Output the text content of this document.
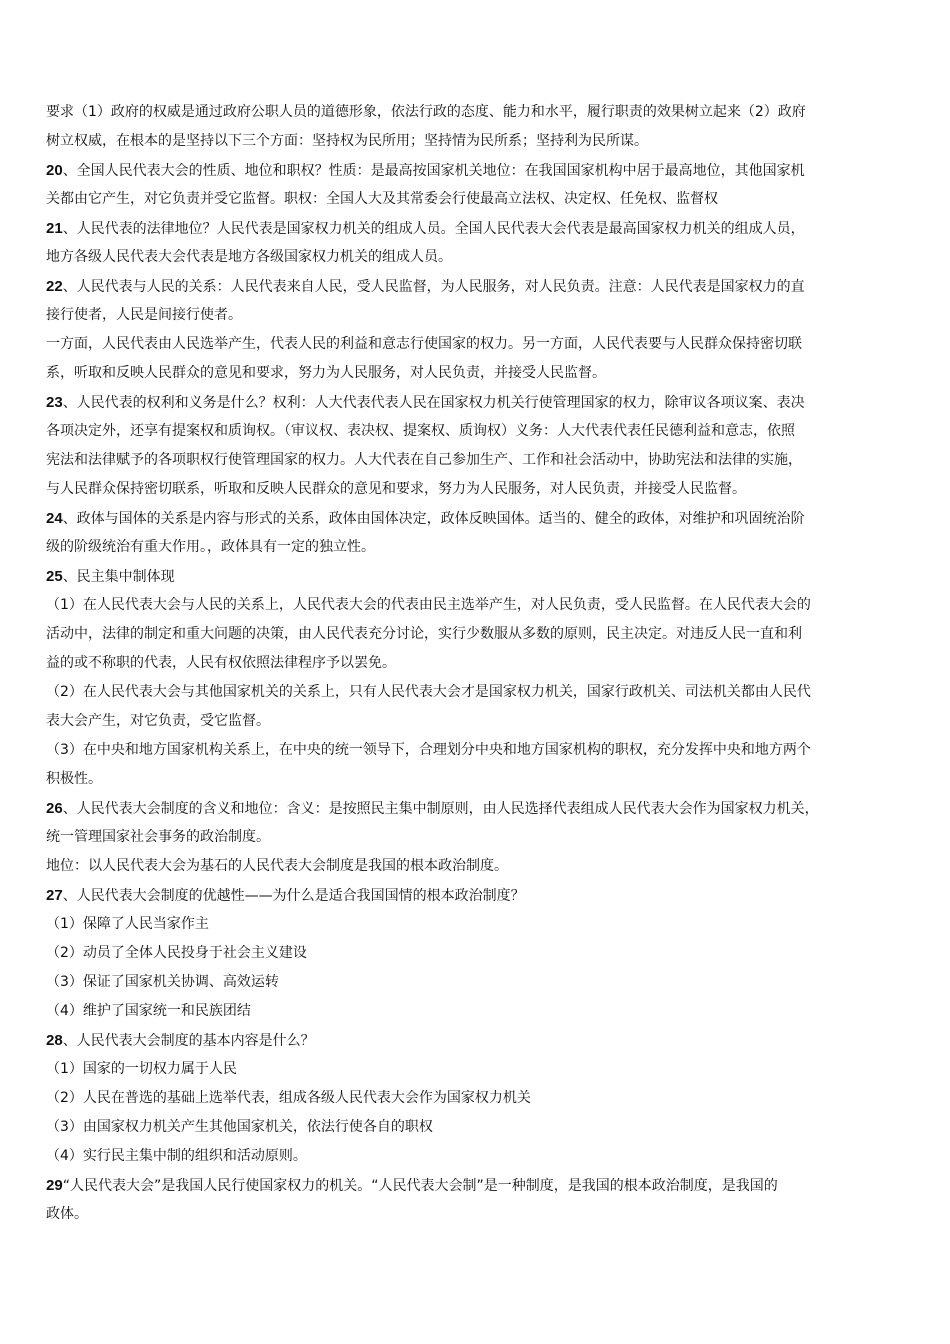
要求（1）政府的权威是通过政府公职人员的道德形象，依法行政的态度、能力和水平，履行职责的效果树立起来（2）政府
树立权威，在根本的是坚持以下三个方面：坚持权为民所用；坚持情为民所系；坚持利为民所谋。
20、全国人民代表大会的性质、地位和职权？性质：是最高按国家机关地位：在我国国家机构中居于最高地位，其他国家机
关都由它产生，对它负责并受它监督。职权：全国人大及其常委会行使最高立法权、决定权、任免权、监督权
21、人民代表的法律地位？人民代表是国家权力机关的组成人员。全国人民代表大会代表是最高国家权力机关的组成人员，
地方各级人民代表大会代表是地方各级国家权力机关的组成人员。
22、人民代表与人民的关系：人民代表来自人民，受人民监督，为人民服务，对人民负责。注意：人民代表是国家权力的直
接行使者，人民是间接行使者。
一方面，人民代表由人民选举产生，代表人民的利益和意志行使国家的权力。另一方面，人民代表要与人民群众保持密切联
系，听取和反映人民群众的意见和要求，努力为人民服务，对人民负责，并接受人民监督。
23、人民代表的权利和义务是什么？权利：人大代表代表人民在国家权力机关行使管理国家的权力，除审议各项议案、表决
各项决定外，还享有提案权和质询权。（审议权、表决权、提案权、质询权）义务：人大代表代表任民德利益和意志，依照
宪法和法律赋予的各项职权行使管理国家的权力。人大代表在自己参加生产、工作和社会活动中，协助宪法和法律的实施，
与人民群众保持密切联系，听取和反映人民群众的意见和要求，努力为人民服务，对人民负责，并接受人民监督。
24、政体与国体的关系是内容与形式的关系，政体由国体决定，政体反映国体。适当的、健全的政体，对维护和巩固统治阶
级的阶级统治有重大作用。，政体具有一定的独立性。
25、民主集中制体现
（1）在人民代表大会与人民的关系上，人民代表大会的代表由民主选举产生，对人民负责，受人民监督。在人民代表大会的
活动中，法律的制定和重大问题的决策，由人民代表充分讨论，实行少数服从多数的原则，民主决定。对违反人民一直和利
益的或不称职的代表，人民有权依照法律程序予以罢免。
（2）在人民代表大会与其他国家机关的关系上，只有人民代表大会才是国家权力机关，国家行政机关、司法机关都由人民代
表大会产生，对它负责，受它监督。
（3）在中央和地方国家机构关系上，在中央的统一领导下，合理划分中央和地方国家机构的职权，充分发挥中央和地方两个
积极性。
26、人民代表大会制度的含义和地位：含义：是按照民主集中制原则，由人民选择代表组成人民代表大会作为国家权力机关，
统一管理国家社会事务的政治制度。
地位：以人民代表大会为基石的人民代表大会制度是我国的根本政治制度。
27、人民代表大会制度的优越性——为什么是适合我国国情的根本政治制度？
（1）保障了人民当家作主
（2）动员了全体人民投身于社会主义建设
（3）保证了国家机关协调、高效运转
（4）维护了国家统一和民族团结
28、人民代表大会制度的基本内容是什么？
（1）国家的一切权力属于人民
（2）人民在普选的基础上选举代表，组成各级人民代表大会作为国家权力机关
（3）由国家权力机关产生其他国家机关，依法行使各自的职权
（4）实行民主集中制的组织和活动原则。
29“人民代表大会”是我国人民行使国家权力的机关。“人民代表大会制”是一种制度，是我国的根本政治制度，是我国的
政体。
